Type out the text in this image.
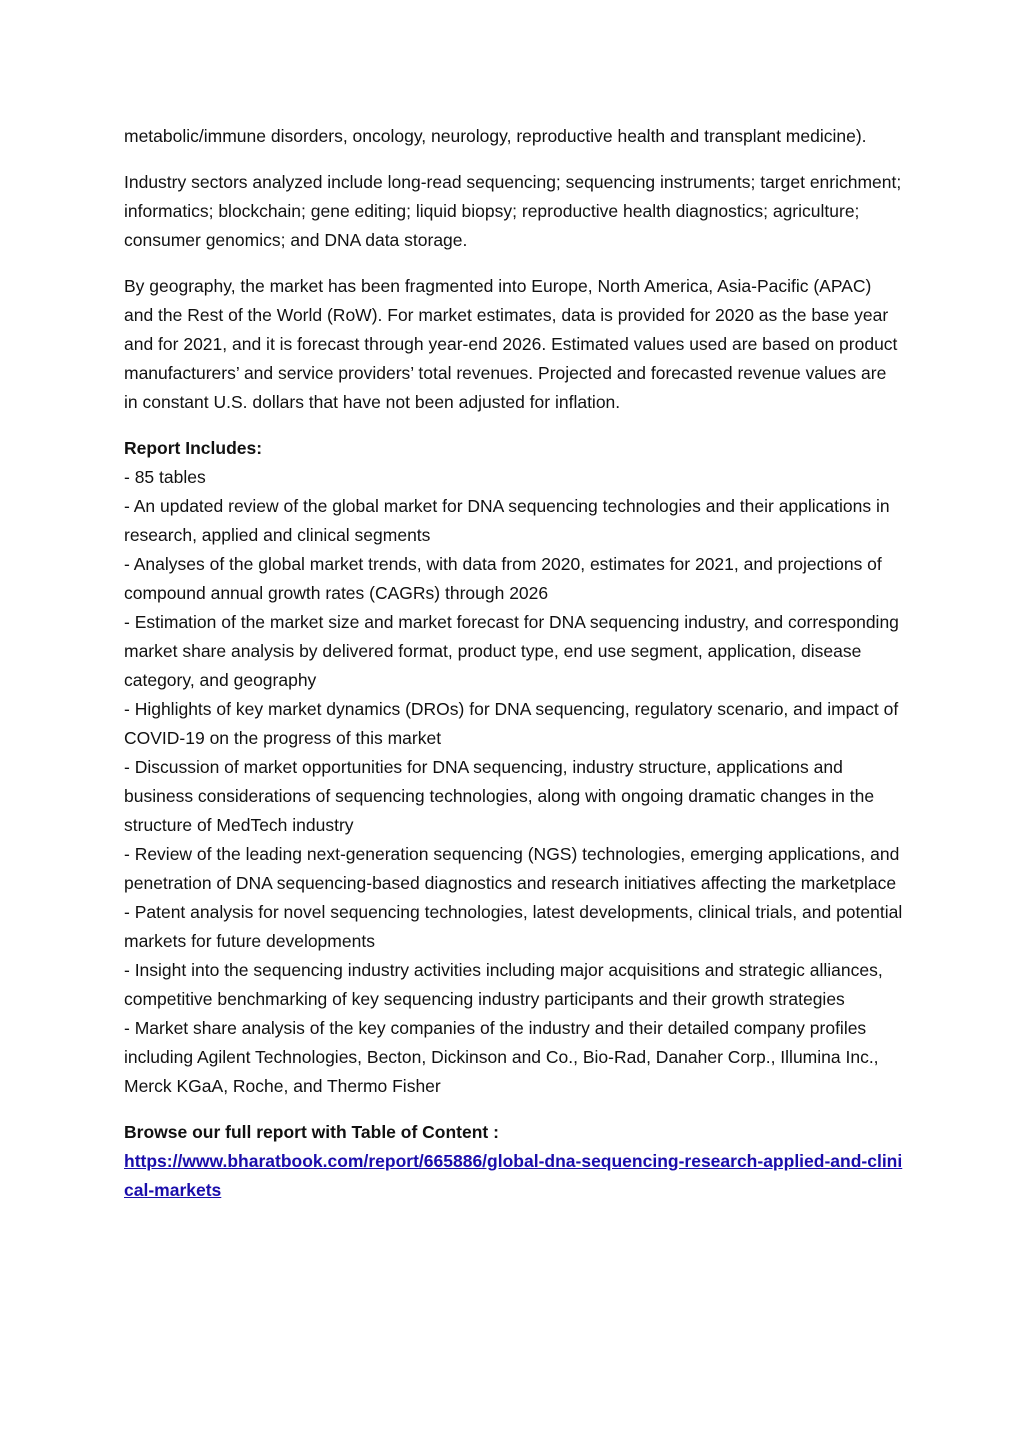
metabolic/immune disorders, oncology, neurology, reproductive health and transplant medicine).

Industry sectors analyzed include long-read sequencing; sequencing instruments; target enrichment; informatics; blockchain; gene editing; liquid biopsy; reproductive health diagnostics; agriculture; consumer genomics; and DNA data storage.

By geography, the market has been fragmented into Europe, North America, Asia-Pacific (APAC) and the Rest of the World (RoW). For market estimates, data is provided for 2020 as the base year and for 2021, and it is forecast through year-end 2026. Estimated values used are based on product manufacturers’ and service providers’ total revenues. Projected and forecasted revenue values are in constant U.S. dollars that have not been adjusted for inflation.

Report Includes:
- 85 tables
- An updated review of the global market for DNA sequencing technologies and their applications in research, applied and clinical segments
- Analyses of the global market trends, with data from 2020, estimates for 2021, and projections of compound annual growth rates (CAGRs) through 2026
- Estimation of the market size and market forecast for DNA sequencing industry, and corresponding market share analysis by delivered format, product type, end use segment, application, disease category, and geography
- Highlights of key market dynamics (DROs) for DNA sequencing, regulatory scenario, and impact of COVID-19 on the progress of this market
- Discussion of market opportunities for DNA sequencing, industry structure, applications and business considerations of sequencing technologies, along with ongoing dramatic changes in the structure of MedTech industry
- Review of the leading next-generation sequencing (NGS) technologies, emerging applications, and penetration of DNA sequencing-based diagnostics and research initiatives affecting the marketplace
- Patent analysis for novel sequencing technologies, latest developments, clinical trials, and potential markets for future developments
- Insight into the sequencing industry activities including major acquisitions and strategic alliances, competitive benchmarking of key sequencing industry participants and their growth strategies
- Market share analysis of the key companies of the industry and their detailed company profiles including Agilent Technologies, Becton, Dickinson and Co., Bio-Rad, Danaher Corp., Illumina Inc., Merck KGaA, Roche, and Thermo Fisher
Browse our full report with Table of Content :
https://www.bharatbook.com/report/665886/global-dna-sequencing-research-applied-and-clinical-markets
